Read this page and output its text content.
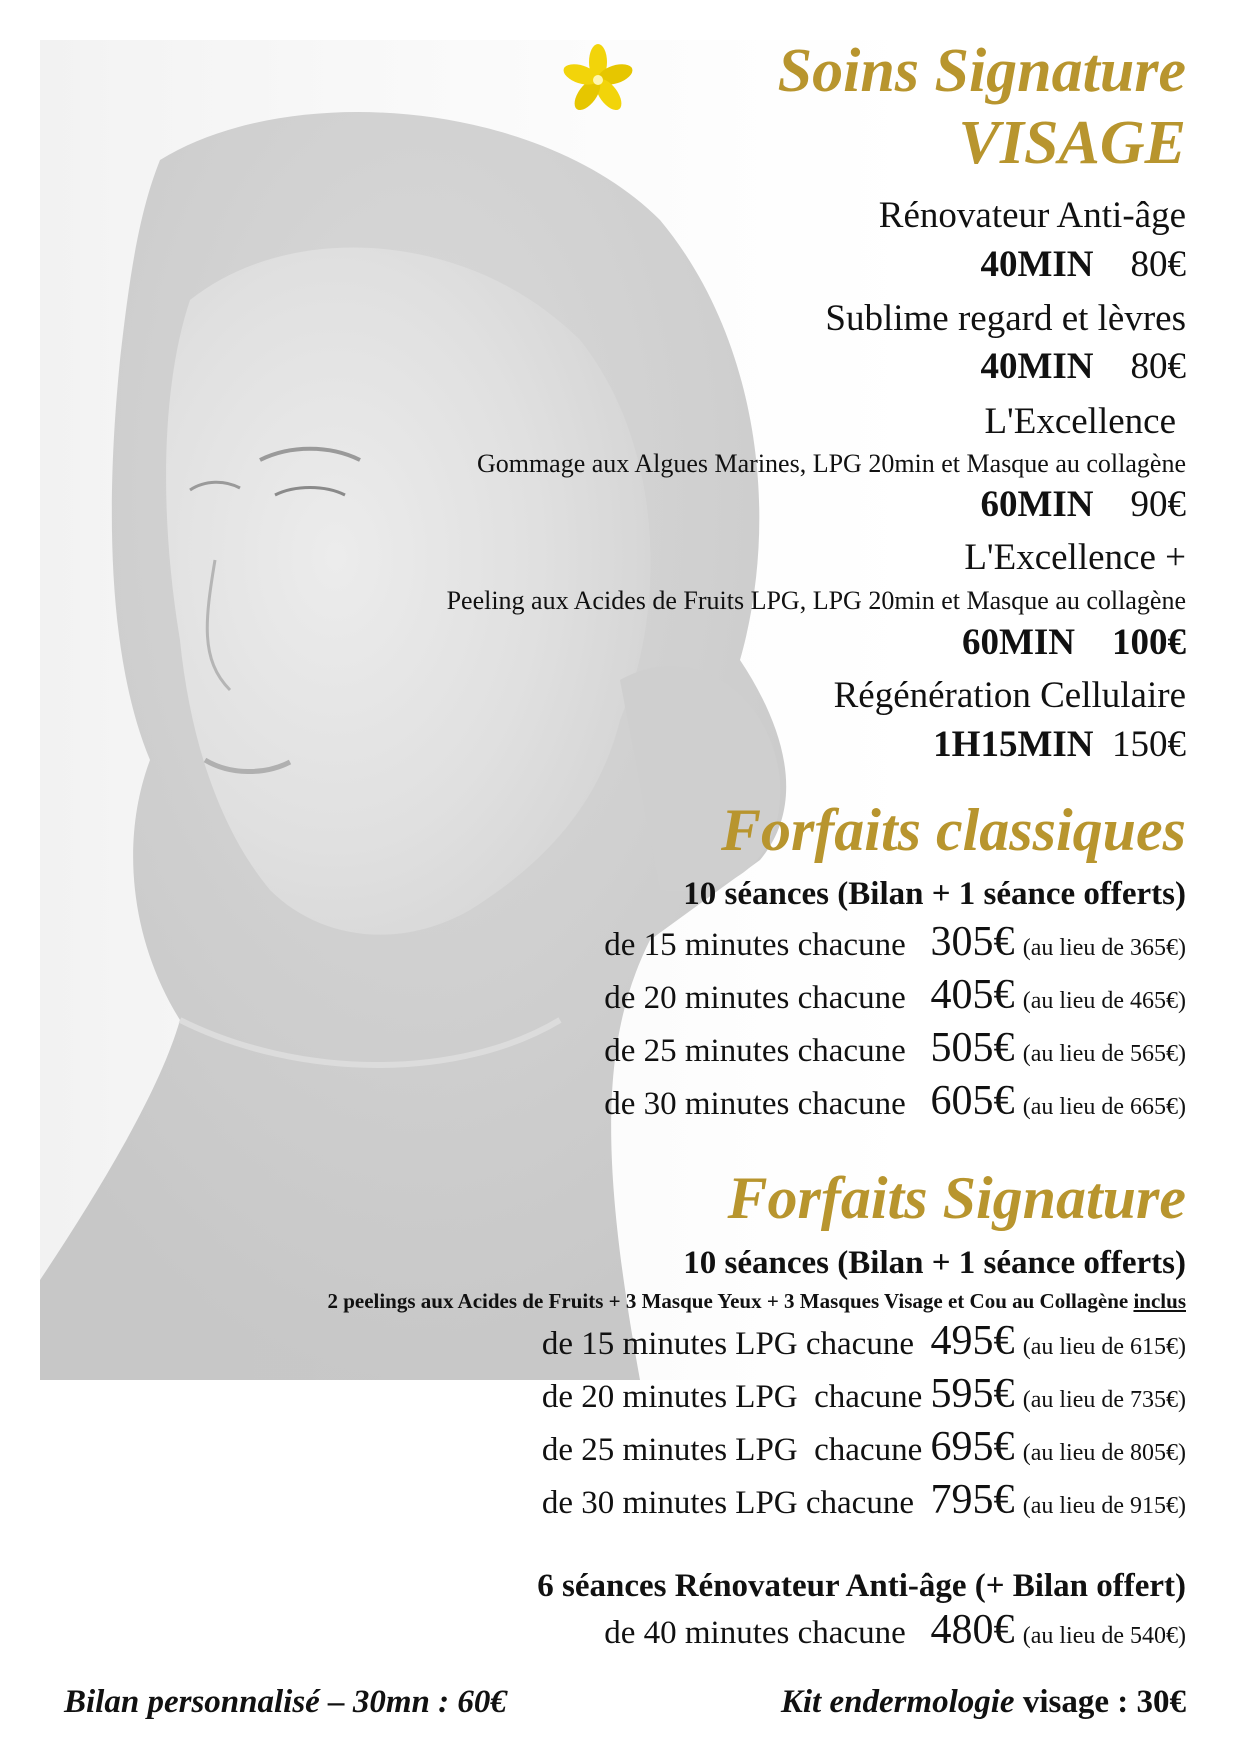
Soins Signature
VISAGE
Rénovateur Anti-âge
40MIN 80€
Sublime regard et lèvres
40MIN 80€
L'Excellence
Gommage aux Algues Marines, LPG 20min et Masque au collagène
60MIN 90€
L'Excellence +
Peeling aux Acides de Fruits LPG, LPG 20min et Masque au collagène
60MIN 100€
Régénération Cellulaire
1H15MIN 150€
Forfaits classiques
10 séances (Bilan + 1 séance offerts)
de 15 minutes chacune 305€ (au lieu de 365€)
de 20 minutes chacune 405€ (au lieu de 465€)
de 25 minutes chacune 505€ (au lieu de 565€)
de 30 minutes chacune 605€ (au lieu de 665€)
Forfaits Signature
10 séances (Bilan + 1 séance offerts)
2 peelings aux Acides de Fruits + 3 Masque Yeux + 3 Masques Visage et Cou au Collagène inclus
de 15 minutes LPG chacune 495€ (au lieu de 615€)
de 20 minutes LPG  chacune 595€ (au lieu de 735€)
de 25 minutes LPG  chacune 695€ (au lieu de 805€)
de 30 minutes LPG chacune 795€ (au lieu de 915€)
6 séances Rénovateur Anti-âge (+ Bilan offert)
de 40 minutes chacune 480€ (au lieu de 540€)
Bilan personnalisé – 30mn : 60€	Kit endermologie visage : 30€
